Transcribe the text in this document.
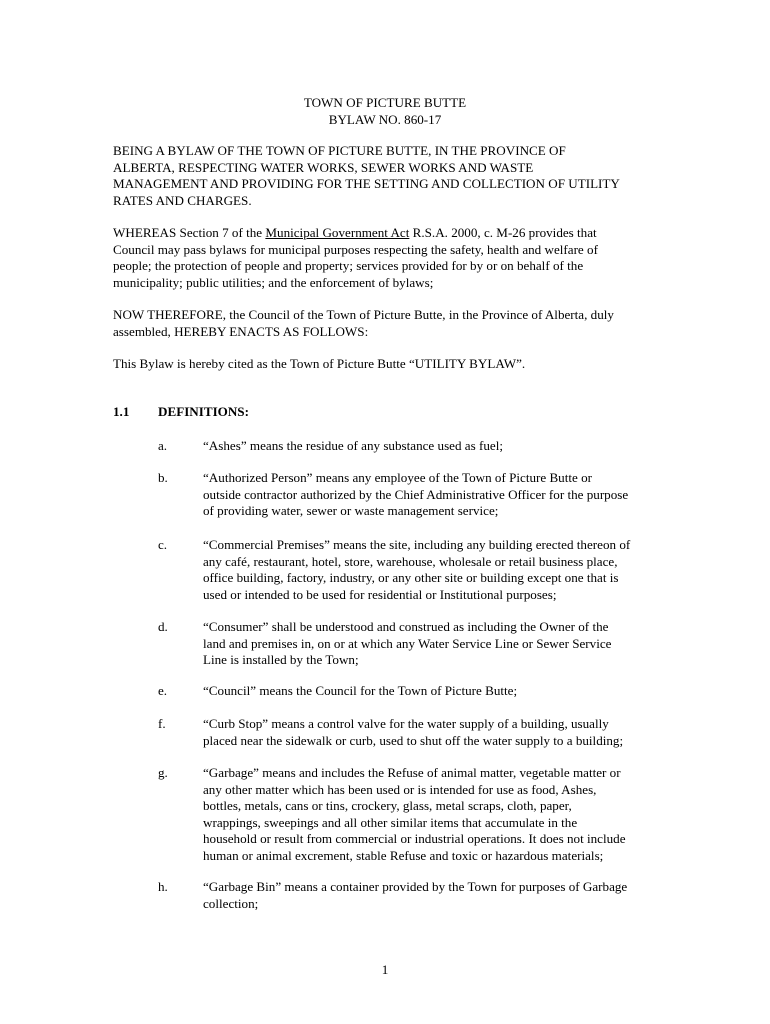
TOWN OF PICTURE BUTTE
BYLAW NO. 860-17
BEING A BYLAW OF THE TOWN OF PICTURE BUTTE, IN THE PROVINCE OF
ALBERTA, RESPECTING WATER WORKS, SEWER WORKS AND WASTE
MANAGEMENT AND PROVIDING FOR THE SETTING AND COLLECTION OF UTILITY
RATES AND CHARGES.
WHEREAS Section 7 of the Municipal Government Act R.S.A. 2000, c. M-26 provides that
Council may pass bylaws for municipal purposes respecting the safety, health and welfare of
people; the protection of people and property; services provided for by or on behalf of the
municipality; public utilities; and the enforcement of bylaws;
NOW THEREFORE, the Council of the Town of Picture Butte, in the Province of Alberta, duly
assembled, HEREBY ENACTS AS FOLLOWS:
This Bylaw is hereby cited as the Town of Picture Butte “UTILITY BYLAW”.
1.1 DEFINITIONS:
a.	“Ashes” means the residue of any substance used as fuel;
b.	“Authorized Person” means any employee of the Town of Picture Butte or
outside contractor authorized by the Chief Administrative Officer for the purpose
of providing water, sewer or waste management service;
c.	“Commercial Premises” means the site, including any building erected thereon of
any café, restaurant, hotel, store, warehouse, wholesale or retail business place,
office building, factory, industry, or any other site or building except one that is
used or intended to be used for residential or Institutional purposes;
d.	“Consumer” shall be understood and construed as including the Owner of the
land and premises in, on or at which any Water Service Line or Sewer Service
Line is installed by the Town;
e.	“Council” means the Council for the Town of Picture Butte;
f.	“Curb Stop” means a control valve for the water supply of a building, usually
placed near the sidewalk or curb, used to shut off the water supply to a building;
g.	“Garbage” means and includes the Refuse of animal matter, vegetable matter or
any other matter which has been used or is intended for use as food, Ashes,
bottles, metals, cans or tins, crockery, glass, metal scraps, cloth, paper,
wrappings, sweepings and all other similar items that accumulate in the
household or result from commercial or industrial operations. It does not include
human or animal excrement, stable Refuse and toxic or hazardous materials;
h.	“Garbage Bin” means a container provided by the Town for purposes of Garbage
collection;
1
